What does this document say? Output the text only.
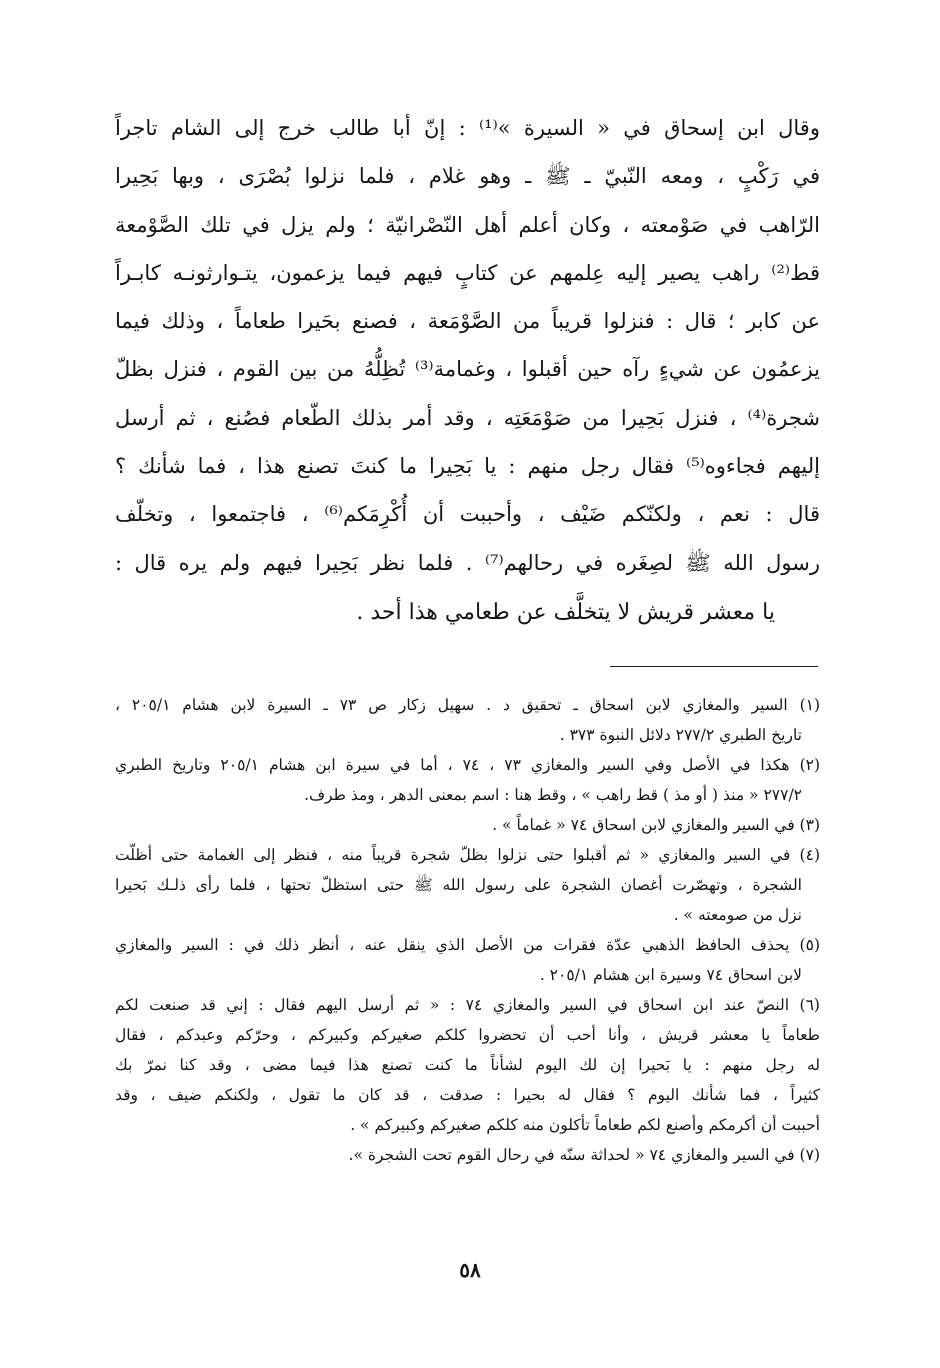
وقال ابن إسحاق في « السيرة »⁽¹⁾ : إنّ أبا طالب خرج إلى الشام تاجراً
في رَكْبٍ ، ومعه النّبيّ ـ ﷺ ـ وهو غلام ، فلما نزلوا بُصْرَى ، وبها بَحِيرا
الرّاهب في صَوْمعته ، وكان أعلم أهل النّصْرانيّة ؛ ولم يزل في تلك الصَّوْمعة
قط⁽²⁾ راهب يصير إليه عِلمهم عن كتابٍ فيهم فيما يزعمون، يتـوارثونـه كابـراً
عن كابر ؛ قال : فنزلوا قريباً من الصَّوْمَعة ، فصنع بحَيرا طعاماً ، وذلك فيما
يزعمُون عن شيءٍ رآه حين أقبلوا ، وغمامة⁽³⁾ تُظِلُّهُ من بين القوم ، فنزل بظلّ
شجرة⁽⁴⁾ ، فنزل بَحِيرا من صَوْمَعَتِه ، وقد أمر بذلك الطّعام فصُنع ، ثم أرسل
إليهم فجاءوه⁽⁵⁾ فقال رجل منهم : يا بَحِيرا ما كنتَ تصنع هذا ، فما شأنك ؟
قال : نعم ، ولكنّكم ضَيْف ، وأحببت أن أُكْرِمَكم⁽⁶⁾ ، فاجتمعوا ، وتخلّف
رسول الله ﷺ لصِغَره في رحالهم⁽⁷⁾ . فلما نظر بَحِيرا فيهم ولم يره قال :
يا معشر قريش لا يتخلَّف عن طعامي هذا أحد .
(١) السير والمغازي لابن اسحاق ـ تحقيق د . سهيل زكار ص ٧٣ ـ السيرة لابن هشام ٢٠٥/١ ،
تاريخ الطبري ٢٧٧/٢ دلائل النبوة ٣٧٣ .
(٢) هكذا في الأصل وفي السير والمغازي ٧٣ ، ٧٤ ، أما في سيرة ابن هشام ٢٠٥/١ وتاريخ الطبري
٢٧٧/٢ « منذ ( أو مذ ) قط راهب » ، وقط هنا : اسم بمعنى الدهر ، ومذ طرف.
(٣) في السير والمغازي لابن اسحاق ٧٤ « غماماً » .
(٤) في السير والمغازي « ثم أقبلوا حتى نزلوا بظلّ شجرة قريباً منه ، فنظر إلى الغمامة حتى أظلّت
الشجرة ، وتهصّرت أغصان الشجرة على رسول الله ﷺ حتى استظلّ تحتها ، فلما رأى ذلـك بَحيرا
نزل من صومعته » .
(٥) يحذف الحافظ الذهبي عدّة فقرات من الأصل الذي ينقل عنه ، أنظر ذلك في : السير والمغازي
لابن اسحاق ٧٤ وسيرة ابن هشام ٢٠٥/١ .
(٦) النصّ عند ابن اسحاق في السير والمغازي ٧٤ : « ثم أرسل اليهم فقال : إني قد صنعت لكم
طعاماً يا معشر قريش ، وأنا أحب أن تحضروا كلكم صغيركم وكبيركم ، وحرّكم وعبدكم ، فقال
له رجل منهم : يا بَحيرا إن لك اليوم لشأناً ما كنت تصنع هذا فيما مضى ، وقد كنا نمرّ بك
كثيراً ، فما شأنك اليوم ؟ فقال له بحيرا : صدقت ، قد كان ما تقول ، ولكنكم ضيف ، وقد
أحببت أن أكرمكم وأصنع لكم طعاماً تأكلون منه كلكم صغيركم وكبيركم » .
(٧) في السير والمغازي ٧٤ « لحداثة سنّه في رحال القوم تحت الشجرة ».
٥٨
